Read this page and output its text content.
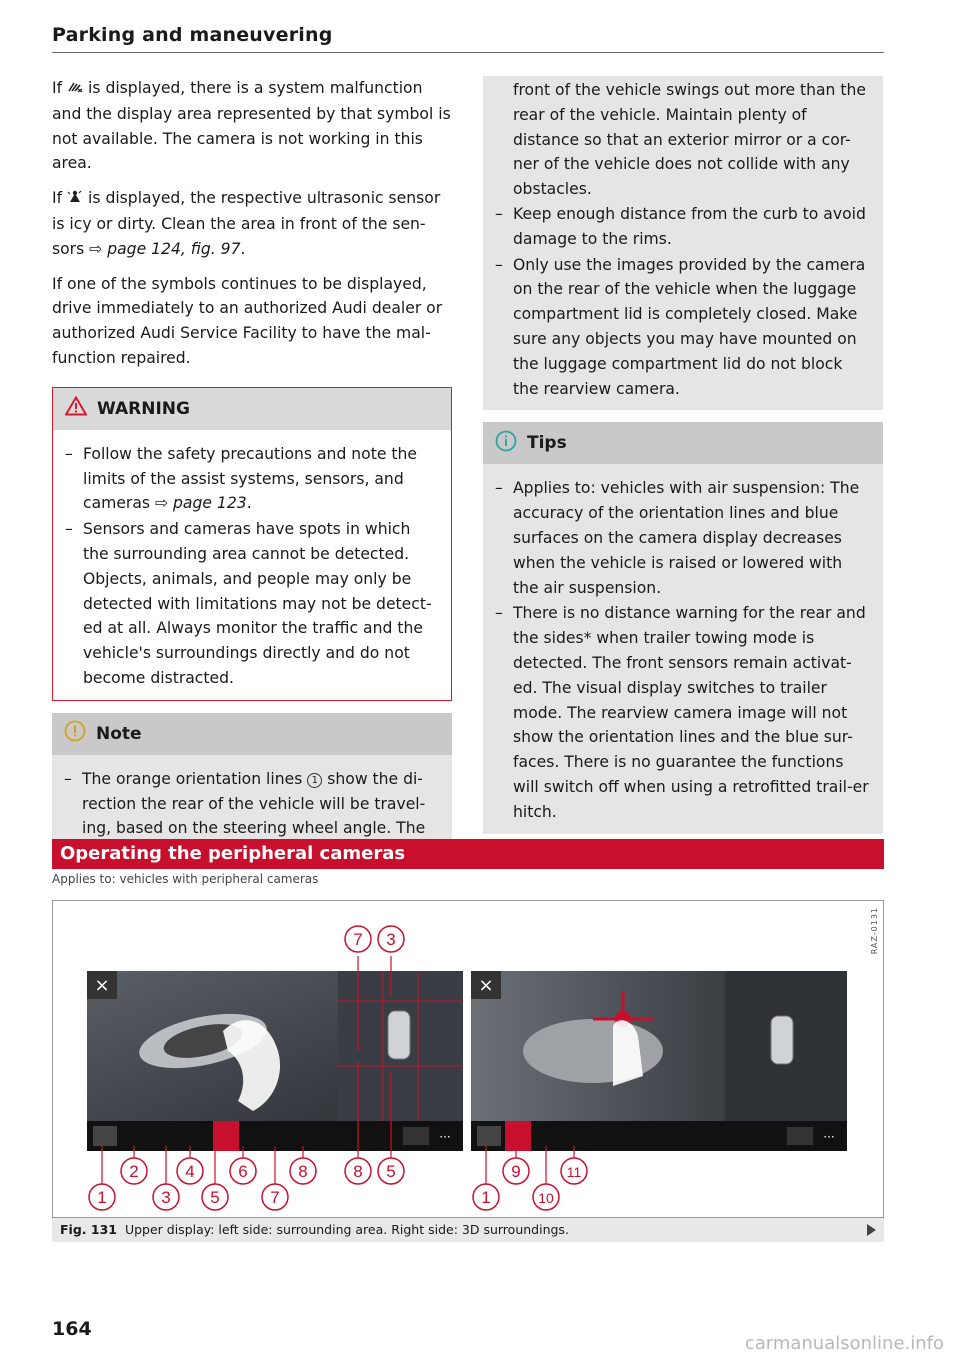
Parking and maneuvering

If is displayed, there is a system malfunction and the display area represented by that symbol is not available. The camera is not working in this area.

If is displayed, the respective ultrasonic sensor is icy or dirty. Clean the area in front of the sen-sors ⇨ page 124, fig. 97.

If one of the symbols continues to be displayed, drive immediately to an authorized Audi dealer or authorized Audi Service Facility to have the mal-function repaired.

WARNING
– Follow the safety precautions and note the limits of the assist systems, sensors, and cameras ⇨ page 123.
– Sensors and cameras have spots in which the surrounding area cannot be detected. Objects, animals, and people may only be detected with limitations may not be detect-ed at all. Always monitor the traffic and the vehicle's surroundings directly and do not become distracted.
Note
– The orange orientation lines 1 show the di-rection the rear of the vehicle will be travel-ing, based on the steering wheel angle. The
front of the vehicle swings out more than the rear of the vehicle. Maintain plenty of distance so that an exterior mirror or a cor-ner of the vehicle does not collide with any obstacles.
– Keep enough distance from the curb to avoid damage to the rims.
– Only use the images provided by the camera on the rear of the vehicle when the luggage compartment lid is completely closed. Make sure any objects you may have mounted on the luggage compartment lid do not block the rearview camera.
Tips
– Applies to: vehicles with air suspension: The accuracy of the orientation lines and blue surfaces on the camera display decreases when the vehicle is raised or lowered with the air suspension.
– There is no distance warning for the rear and the sides* when trailer towing mode is detected. The front sensors remain activat-ed. The visual display switches to trailer mode. The rearview camera image will not show the orientation lines and the blue sur-faces. There is no guarantee the functions will switch off when using a retrofitted trail-er hitch.
Operating the peripheral cameras
Applies to: vehicles with peripheral cameras
RAZ-0131
×
···
×
···
7 3
2	4	6	8	8 5
1	3 5	7
9	11
1	10
Fig. 131 Upper display: left side: surrounding area. Right side: 3D surroundings.
164
carmanualsonline.info
